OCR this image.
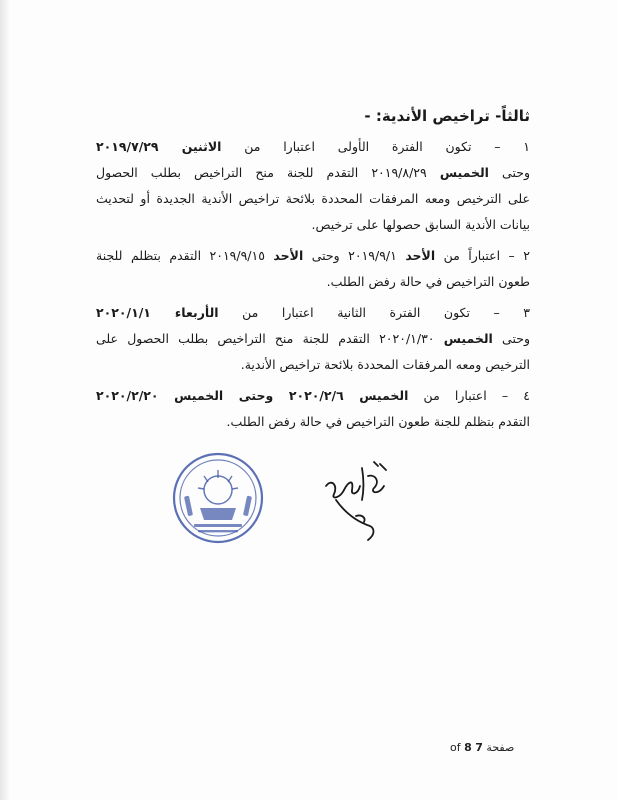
ثالثاً- تراخيص الأندية: -
١ – تكون الفترة الأولى اعتبارا من الاثنين ٢٠١٩/٧/٢٩
وحتى الخميس ٢٠١٩/٨/٢٩ التقدم للجنة منح التراخيص بطلب الحصول
على الترخيص ومعه المرفقات المحددة بلائحة تراخيص الأندية الجديدة أو لتحديث
بيانات الأندية السابق حصولها على ترخيص.
٢ – اعتباراً من الأحد ٢٠١٩/٩/١ وحتى الأحد ٢٠١٩/٩/١٥ التقدم بتظلم للجنة
طعون التراخيص في حالة رفض الطلب.
٣ – تكون الفترة الثانية اعتبارا من الأربعاء ٢٠٢٠/١/١
وحتى الخميس ٢٠٢٠/١/٣٠ التقدم للجنة منح التراخيص بطلب الحصول على
الترخيص ومعه المرفقات المحددة بلائحة تراخيص الأندية.
٤ – اعتبارا من الخميس ٢٠٢٠/٢/٦ وحتى الخميس ٢٠٢٠/٢/٢٠
التقدم بتظلم للجنة طعون التراخيص في حالة رفض الطلب.
صفحة 7 of 8
